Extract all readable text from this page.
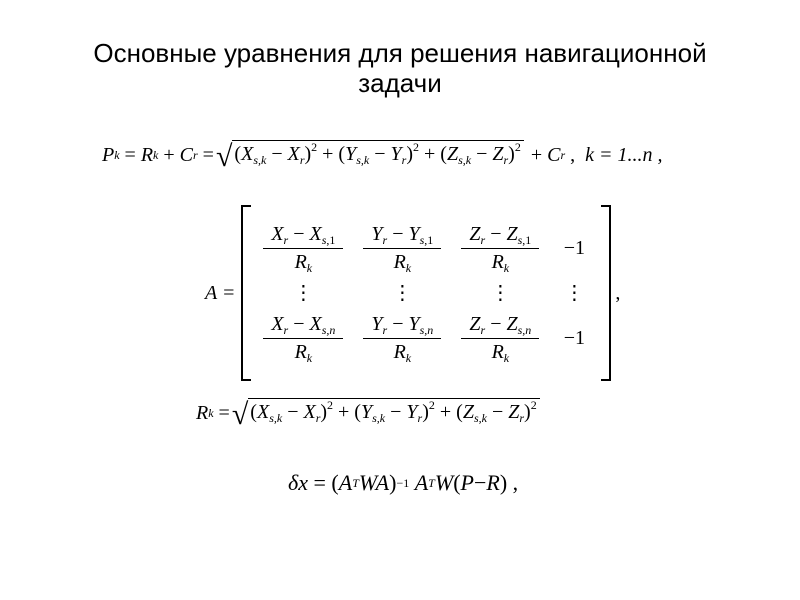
Основные уравнения для решения навигационной
задачи
P k = R k + C r = √ $(X_{s,k} - X_r)^2 + (Y_{s,k} - Y_r)^2 + (Z_{s,k} - Z_r)^2 + C$ r
,
k = 1...n ,
A =
$\frac{X_r - X_{s,1}}{R_k} \frac{Y_r - Y_{s,1}}{R_k} \frac{Z_r - Z_{s,1}}{R_k} -1$
⋮	⋮	⋮	⋮
$\frac{X_r - X_{s,n}}{R_k} \frac{Y_r - Y_{s,n}}{R_k} \frac{Z_r - Z_{s,n}}{R_k} -1$
,
R k = √ $(X_{s,k} - X_r)^2 + (Y_{s,k} - Y_r)^2 + (Z_{s,k} - Z_r)^2$
δx = ( A T WA ) −1
A T W ( P − R ) ,
